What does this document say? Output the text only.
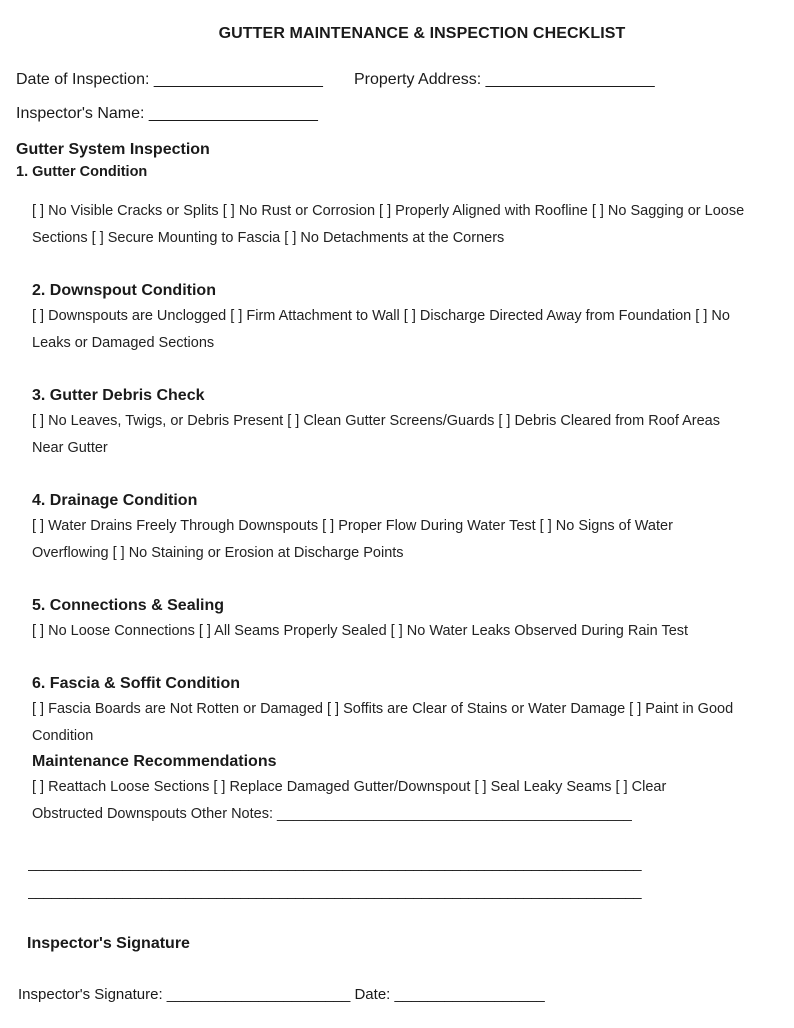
GUTTER MAINTENANCE & INSPECTION CHECKLIST
Date of Inspection: ___________________ Property Address: ___________________
Inspector's Name: ___________________
Gutter System Inspection
1. Gutter Condition
[ ] No Visible Cracks or Splits [ ] No Rust or Corrosion [ ] Properly Aligned with Roofline [ ] No Sagging or Loose Sections [ ] Secure Mounting to Fascia [ ] No Detachments at the Corners
2. Downspout Condition
[ ] Downspouts are Unclogged [ ] Firm Attachment to Wall [ ] Discharge Directed Away from Foundation [ ] No Leaks or Damaged Sections
3. Gutter Debris Check
[ ] No Leaves, Twigs, or Debris Present [ ] Clean Gutter Screens/Guards [ ] Debris Cleared from Roof Areas Near Gutter
4. Drainage Condition
[ ] Water Drains Freely Through Downspouts [ ] Proper Flow During Water Test [ ] No Signs of Water Overflowing [ ] No Staining or Erosion at Discharge Points
5. Connections & Sealing
[ ] No Loose Connections [ ] All Seams Properly Sealed [ ] No Water Leaks Observed During Rain Test
6. Fascia & Soffit Condition
[ ] Fascia Boards are Not Rotten or Damaged [ ] Soffits are Clear of Stains or Water Damage [ ] Paint in Good Condition
Maintenance Recommendations
[ ] Reattach Loose Sections [ ] Replace Damaged Gutter/Downspout [ ] Seal Leaky Seams [ ] Clear Obstructed Downspouts Other Notes: ____________________________________________
______________________________________________________________________________
______________________________________________________________________________
Inspector's Signature
Inspector's Signature: ______________________ Date: __________________
